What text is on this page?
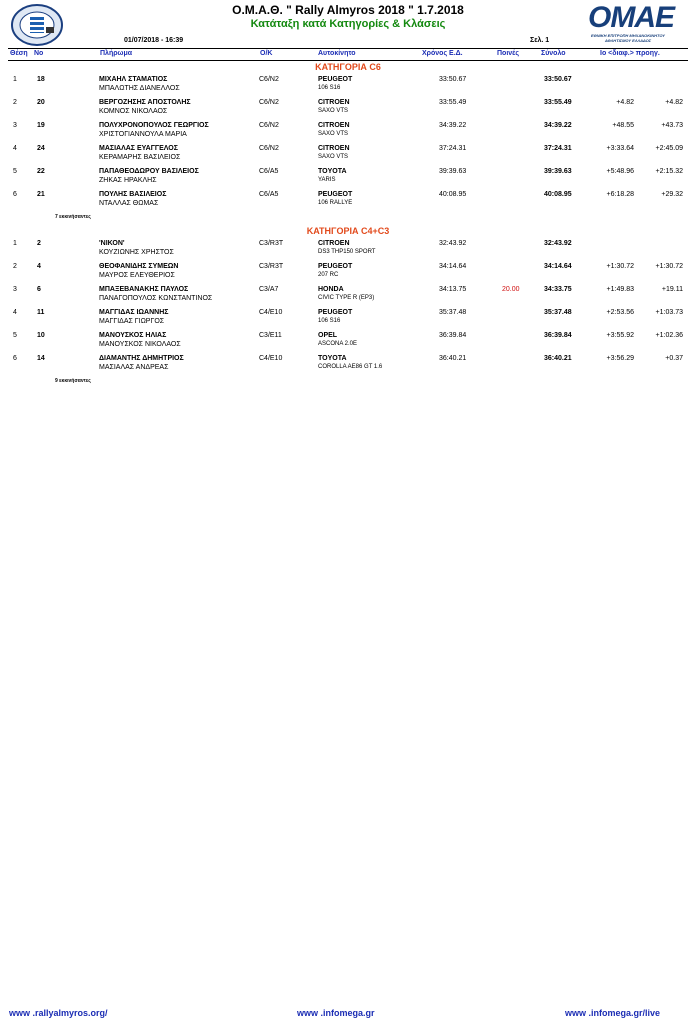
OMAE
ΕΘΝΙΚΗ ΕΠΙΤΡΟΠΗ ΜΗΧΑΝΟΚΙΝΗΤΟΥ ΑΘΛΗΤΙΣΜΟΥ ΕΛΛΑΔΟΣ
Ο.Μ.Α.Θ. " Rally Almyros 2018 " 1.7.2018
Κατάταξη κατά Κατηγορίες & Κλάσεις
01/07/2018 - 16:39	Σελ. 1
Θέση No	Πλήρωμα	O/K	Αυτοκίνητο	Χρόνος Ε.Δ.	Ποινές	Σύνολο	Ιο <διαφ.> προηγ.
ΚΑΤΗΓΟΡΙΑ C6
1	18	ΜΙΧΑΗΛ ΣΤΑΜΑΤΙΟΣ
ΜΠΑΛΩΤΗΣ ΔΙΑΝΕΛΛΟΣ
C6/N2	PEUGEOT
106 S16
33:50.67	33:50.67
2	20	ΒΕΡΓΟΖΗΣΗΣ ΑΠΟΣΤΟΛΗΣ
ΚΟΜΝΟΣ ΝΙΚΟΛΑΟΣ
C6/N2	CITROEN
SAXO VTS
33:55.49	33:55.49	+4.82	+4.82
3	19	ΠΟΛΥΧΡΟΝΟΠΟΥΛΟΣ ΓΕΩΡΓΙΟΣ
ΧΡΙΣΤΟΓΙΑΝΝΟΥΛΑ ΜΑΡΙΑ
C6/N2	CITROEN
SAXO VTS
34:39.22	34:39.22	+48.55	+43.73
4	24	ΜΑΣΙΑΛΑΣ ΕΥΑΓΓΕΛΟΣ
ΚΕΡΑΜΑΡΗΣ ΒΑΣΙΛΕΙΟΣ
C6/N2	CITROEN
SAXO VTS
37:24.31	37:24.31	+3:33.64	+2:45.09
5	22	ΠΑΠΑΘΕΟΔΩΡΟΥ ΒΑΣΙΛΕΙΟΣ
ΖΗΚΑΣ ΗΡΑΚΛΗΣ
C6/A5	TOYOTA
YARIS
39:39.63	39:39.63	+5:48.96	+2:15.32
6	21	ΠΟΥΛΗΣ ΒΑΣΙΛΕΙΟΣ
ΝΤΑΛΛΑΣ ΘΩΜΑΣ
C6/A5	PEUGEOT
106 RALLYE
40:08.95	40:08.95	+6:18.28	+29.32
7 εκκινήσαντες
ΚΑΤΗΓΟΡΙΑ C4+C3
1	2	'ΝΙΚΟΝ'
ΚΟΥΖΙΩΝΗΣ ΧΡΗΣΤΟΣ
C3/R3T	CITROEN
DS3 THP150 SPORT
32:43.92	32:43.92
2	4	ΘΕΟΦΑΝΙΔΗΣ ΣΥΜΕΩΝ
ΜΑΥΡΟΣ ΕΛΕΥΘΕΡΙΟΣ
C3/R3T	PEUGEOT
207 RC
34:14.64	34:14.64	+1:30.72	+1:30.72
3	6	ΜΠΑΞΕΒΑΝΑΚΗΣ ΠΑΥΛΟΣ
ΠΑΝΑΓΟΠΟΥΛΟΣ ΚΩΝΣΤΑΝΤΙΝΟΣ
C3/A7	HONDA
CIVIC TYPE R (EP3)
34:13.75	20.00	34:33.75	+1:49.83	+19.11
4	11	ΜΑΓΓΙΔΑΣ ΙΩΑΝΝΗΣ
ΜΑΓΓΙΔΑΣ ΓΙΩΡΓΟΣ
C4/E10	PEUGEOT
106 S16
35:37.48	35:37.48	+2:53.56	+1:03.73
5	10	ΜΑΝΟΥΣΚΟΣ ΗΛΙΑΣ
ΜΑΝΟΥΣΚΟΣ ΝΙΚΟΛΑΟΣ
C3/E11	OPEL
ASCONA 2.0E
36:39.84	36:39.84	+3:55.92	+1:02.36
6	14	ΔΙΑΜΑΝΤΗΣ ΔΗΜΗΤΡΙΟΣ
ΜΑΣΙΑΛΑΣ ΑΝΔΡΕΑΣ
C4/E10	TOYOTA
COROLLA AE86 GT 1.6
36:40.21	36:40.21	+3:56.29	+0.37
9 εκκινήσαντες
www .rallyalmyros.org/	www .infomega.gr	www .infomega.gr/live
